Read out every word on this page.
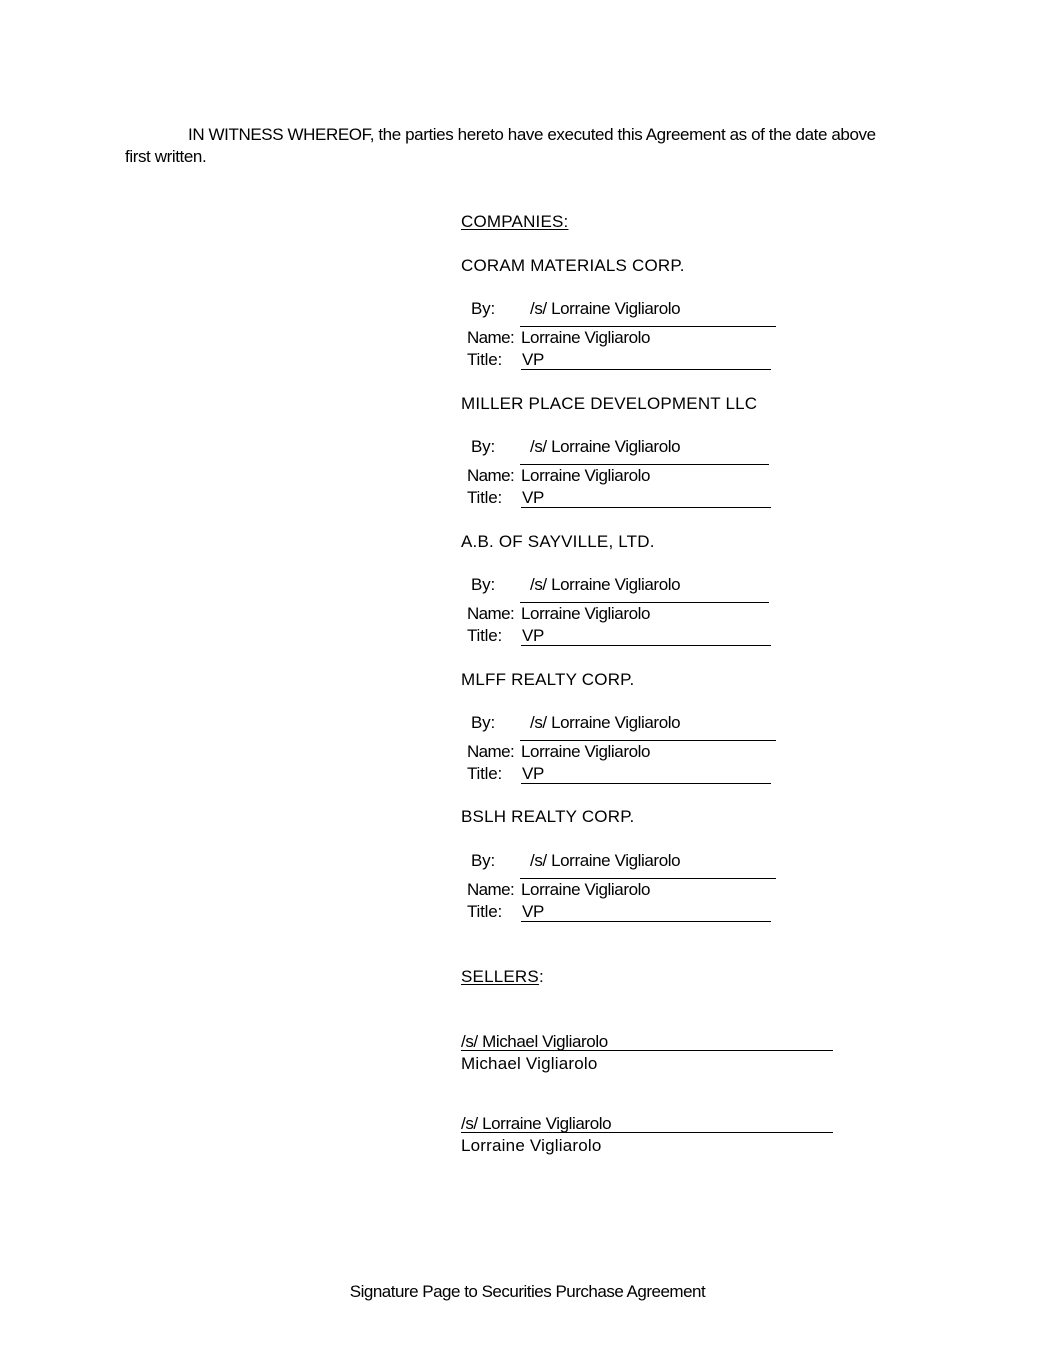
IN WITNESS WHEREOF, the parties hereto have executed this Agreement as of the date above
first written.
COMPANIES:
CORAM MATERIALS CORP.
By: /s/ Lorraine Vigliarolo
Name: Lorraine Vigliarolo
Title: VP
MILLER PLACE DEVELOPMENT LLC
By: /s/ Lorraine Vigliarolo
Name: Lorraine Vigliarolo
Title: VP
A.B. OF SAYVILLE, LTD.
By: /s/ Lorraine Vigliarolo
Name: Lorraine Vigliarolo
Title: VP
MLFF REALTY CORP.
By: /s/ Lorraine Vigliarolo
Name: Lorraine Vigliarolo
Title: VP
BSLH REALTY CORP.
By: /s/ Lorraine Vigliarolo
Name: Lorraine Vigliarolo
Title: VP
SELLERS:
/s/ Michael Vigliarolo
Michael Vigliarolo
/s/ Lorraine Vigliarolo
Lorraine Vigliarolo
Signature Page to Securities Purchase Agreement
